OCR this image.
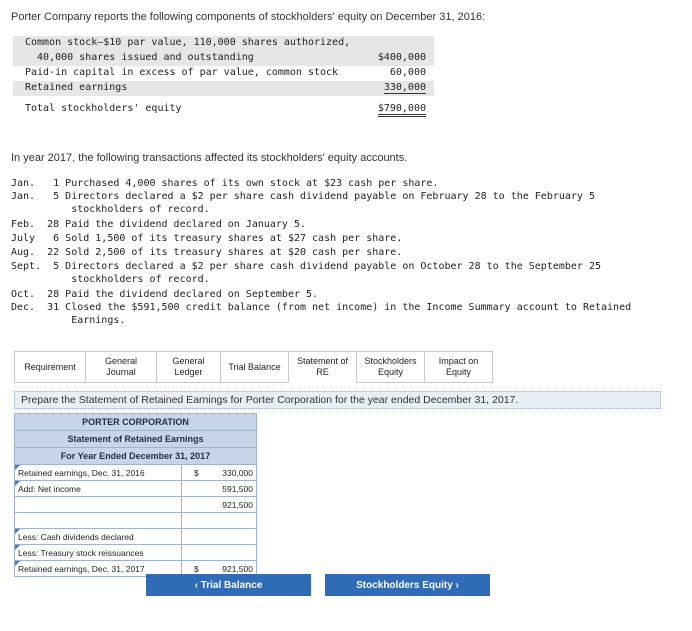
Porter Company reports the following components of stockholders' equity on December 31, 2016:
Common stock—$10 par value, 110,000 shares authorized,
40,000 shares issued and outstanding	$400,000
Paid-in capital in excess of par value, common stock	60,000
Retained earnings	330,000
Total stockholders' equity	$790,000
In year 2017, the following transactions affected its stockholders' equity accounts.
Jan.   1 Purchased 4,000 shares of its own stock at $23 cash per share.
Jan.   5 Directors declared a $2 per share cash dividend payable on February 28 to the February 5
stockholders of record.
Feb.  28 Paid the dividend declared on January 5.
July   6 Sold 1,500 of its treasury shares at $27 cash per share.
Aug.  22 Sold 2,500 of its treasury shares at $20 cash per share.
Sept.  5 Directors declared a $2 per share cash dividend payable on October 28 to the September 25
stockholders of record.
Oct.  28 Paid the dividend declared on September 5.
Dec.  31 Closed the $591,500 credit balance (from net income) in the Income Summary account to Retained
Earnings.
Requirement
General
Journal
General
Ledger
Trial Balance
Statement of
RE
Stockholders
Equity
Impact on
Equity
Prepare the Statement of Retained Earnings for Porter Corporation for the year ended December 31, 2017.
PORTER CORPORATION
Statement of Retained Earnings
For Year Ended December 31, 2017
Retained earnings, Dec. 31, 2016	$	330,000
Add: Net income	591,500
921,500
Less: Cash dividends declared
Less: Treasury stock reissuances
Retained earnings, Dec. 31, 2017	$	921,500
‹ Trial Balance	Stockholders Equity ›
